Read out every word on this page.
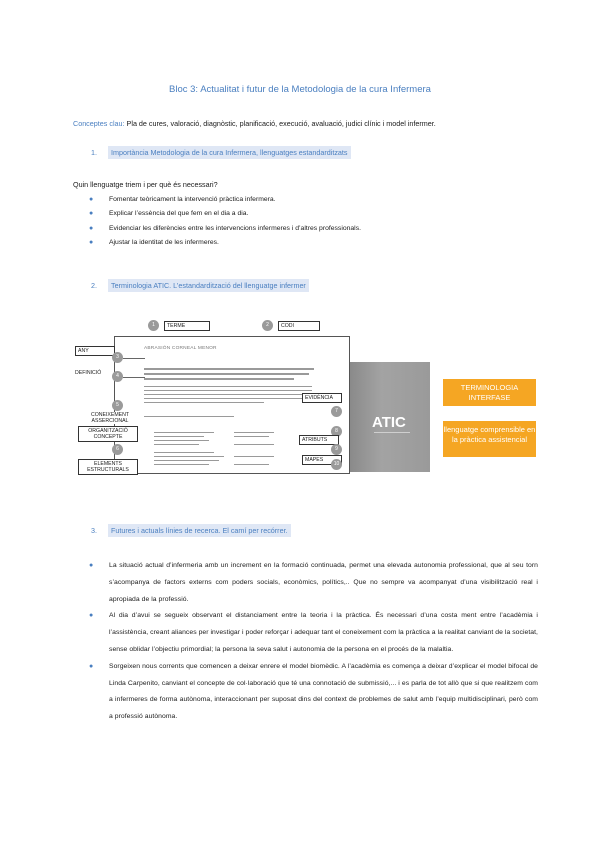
Bloc 3: Actualitat i futur de la Metodologia de la cura Infermera
Conceptes clau: Pla de cures, valoració, diagnòstic, planificació, execució, avaluació, judici clínic i model infermer.
1.	Importància Metodologia de la cura Infermera, llenguatges estandarditzats
Quin llenguatge triem i per què és necessari?
● Fomentar teòricament la intervenció pràctica infermera.
● Explicar l’essència del que fem en el dia a dia.
● Evidenciar les diferències entre les intervencions infermeres i d’altres professionals.
● Ajustar la identitat de les infermeres.
2.	Terminologia ATIC. L’estandardització del llenguatge infermer
ABRASIÓN CORNEAL MENOR
1	TERME	2	CODI
ANY
3
DEFINICIÓ	4
CONEIXEMENT ASSERCIONAL
5
ORGANITZACIÓ CONCEPTE
6
ELEMENTS ESTRUCTURALS
EVIDÈNCIA
7
8
ATRIBUTS
9
MAPES
10
ATIC
TERMINOLOGIA INTERFASE
llenguatge comprensible en la pràctica assistencial
3.	Futures i actuals línies de recerca. El camí per recórrer.
● La situació actual d’infermeria amb un increment en la formació continuada, permet una elevada autonomia professional, que al seu torn s’acompanya de factors externs com poders socials, econòmics, polítics,.. Que no sempre va acompanyat d’una visibilització real i apropiada de la professió.
● Al dia d’avui se segueix observant el distanciament entre la teoria i la pràctica. És necessari d’una costa ment entre l’acadèmia i l’assistència, creant aliances per investigar i poder reforçar i adequar tant el coneixement com la pràctica a la realitat canviant de la societat, sense oblidar l’objectiu primordial; la persona la seva salut i autonomia de la persona en el procés de la malaltia.
● Sorgeixen nous corrents que comencen a deixar enrere el model biomèdic. A l’acadèmia es comença a deixar d’explicar el model bifocal de Linda Carpenito, canviant el concepte de col·laboració que té una connotació de submissió,... i es parla de tot allò que si que realitzem com a infermeres de forma autònoma, interaccionant per suposat dins del context de problemes de salut amb l’equip multidisciplinari, però com a professió autònoma.
